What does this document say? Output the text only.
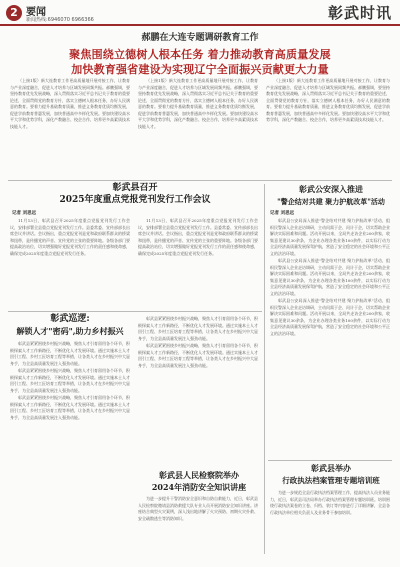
2 要闻
新闻热线:6946070 6966366	彰武时讯
郝鹏在大连专题调研教育工作
聚焦围绕立德树人根本任务 着力推动教育高质量发展
加快教育强省建设为实现辽宁全面振兴贡献更大力量

（上接1版）新大连教育工作更高质量地开展对接工作，让教育与产业深度融合，促进人才培养与区域发展同频共振。郝鹏强调，要坚持教育优先发展战略，深入贯彻落实习近平总书记关于教育的重要论述，全面贯彻党的教育方针，落实立德树人根本任务，办好人民满意的教育。要着力提升基础教育质量，推进义务教育优质均衡发展，促进学前教育普惠发展，加快普通高中多样化发展。要加快建设高水平大学和优势学科，深化产教融合、校企合作，培养更多高素质技术技能人才。

（上接1版）新大连教育工作更高质量地开展对接工作，让教育与产业深度融合，促进人才培养与区域发展同频共振。郝鹏强调，要坚持教育优先发展战略，深入贯彻落实习近平总书记关于教育的重要论述，全面贯彻党的教育方针，落实立德树人根本任务，办好人民满意的教育。要着力提升基础教育质量，推进义务教育优质均衡发展，促进学前教育普惠发展，加快普通高中多样化发展。要加快建设高水平大学和优势学科，深化产教融合、校企合作，培养更多高素质技术技能人才。

（上接1版）新大连教育工作更高质量地开展对接工作，让教育与产业深度融合，促进人才培养与区域发展同频共振。郝鹏强调，要坚持教育优先发展战略，深入贯彻落实习近平总书记关于教育的重要论述，全面贯彻党的教育方针，落实立德树人根本任务，办好人民满意的教育。要着力提升基础教育质量，推进义务教育优质均衡发展，促进学前教育普惠发展，加快普通高中多样化发展。要加快建设高水平大学和优势学科，深化产教融合、校企合作，培养更多高素质技术技能人才。

彰武县召开
2025年度重点党报党刊发行工作会议
记者 刘思远

11月13日，彰武县召开2025年度重点党报党刊发行工作会议，安排部署全县重点党报党刊发行工作。县委常委、宣传部部长出席会议并讲话。会议指出，重点党报党刊是党和政府联系群众的桥梁和纽带，是传播党的声音、宣传党的主张的重要阵地。各级各部门要提高政治站位，切实增强做好党报党刊发行工作的责任感和使命感，确保完成2025年度重点党报党刊发行任务。

11月13日，彰武县召开2025年度重点党报党刊发行工作会议，安排部署全县重点党报党刊发行工作。县委常委、宣传部部长出席会议并讲话。会议指出，重点党报党刊是党和政府联系群众的桥梁和纽带，是传播党的声音、宣传党的主张的重要阵地。各级各部门要提高政治站位，切实增强做好党报党刊发行工作的责任感和使命感，确保完成2025年度重点党报党刊发行任务。

彰武巡逻:
解锁人才"密码",助力乡村振兴

彰武县紧紧围绕乡村振兴战略，聚焦人才引育留用各个环节，积极探索人才工作新路径，不断优化人才发展环境。通过实施本土人才回引工程、乡村工匠培育工程等举措，让各类人才在乡村振兴中大显身手，为全县高质量发展注入强劲动能。

彰武县紧紧围绕乡村振兴战略，聚焦人才引育留用各个环节，积极探索人才工作新路径，不断优化人才发展环境。通过实施本土人才回引工程、乡村工匠培育工程等举措，让各类人才在乡村振兴中大显身手，为全县高质量发展注入强劲动能。

彰武县紧紧围绕乡村振兴战略，聚焦人才引育留用各个环节，积极探索人才工作新路径，不断优化人才发展环境。通过实施本土人才回引工程、乡村工匠培育工程等举措，让各类人才在乡村振兴中大显身手，为全县高质量发展注入强劲动能。

彰武县紧紧围绕乡村振兴战略，聚焦人才引育留用各个环节，积极探索人才工作新路径，不断优化人才发展环境。通过实施本土人才回引工程、乡村工匠培育工程等举措，让各类人才在乡村振兴中大显身手，为全县高质量发展注入强劲动能。

彰武县紧紧围绕乡村振兴战略，聚焦人才引育留用各个环节，积极探索人才工作新路径，不断优化人才发展环境。通过实施本土人才回引工程、乡村工匠培育工程等举措，让各类人才在乡村振兴中大显身手，为全县高质量发展注入强劲动能。

彰武县人民检察院举办
2024年消防安全知识讲座

为进一步提升干警消防安全意识和自防自救能力，近日，彰武县人民检察院邀请县消防救援大队专业人员开展消防安全知识讲座。讲座结合典型火灾案例，深入浅出地讲解了火灾预防、初期火灾扑救、安全疏散逃生等消防知识。

彰武公安深入推进
"警企结对共建 聚力护航改革"活动
记者 刘思远

彰武县公安局深入推进"警企结对共建 聚力护航改革"活动，组织民警深入企业走访调研，主动问需于企、问计于企，切实帮助企业解决实际困难和问题。活动开展以来，全局共走访企业200余家，收集意见建议30余条，为企业办理各类业务100余件，以实际行动为全县经济高质量发展保驾护航，营造了安全稳定的社会环境和公平正义的法治环境。

彰武县公安局深入推进"警企结对共建 聚力护航改革"活动，组织民警深入企业走访调研，主动问需于企、问计于企，切实帮助企业解决实际困难和问题。活动开展以来，全局共走访企业200余家，收集意见建议30余条，为企业办理各类业务100余件，以实际行动为全县经济高质量发展保驾护航，营造了安全稳定的社会环境和公平正义的法治环境。

彰武县公安局深入推进"警企结对共建 聚力护航改革"活动，组织民警深入企业走访调研，主动问需于企、问计于企，切实帮助企业解决实际困难和问题。活动开展以来，全局共走访企业200余家，收集意见建议30余条，为企业办理各类业务100余件，以实际行动为全县经济高质量发展保驾护航，营造了安全稳定的社会环境和公平正义的法治环境。

彰武县举办
行政执法档案管理专题培训班

为进一步规范全县行政执法档案管理工作，提高执法人员业务能力，近日，彰武县司法局举办行政执法档案管理专题培训班。培训围绕行政执法案卷的立卷、归档、装订等内容进行了详细讲解，全县各行政执法单位相关负责人及业务骨干参加培训。
